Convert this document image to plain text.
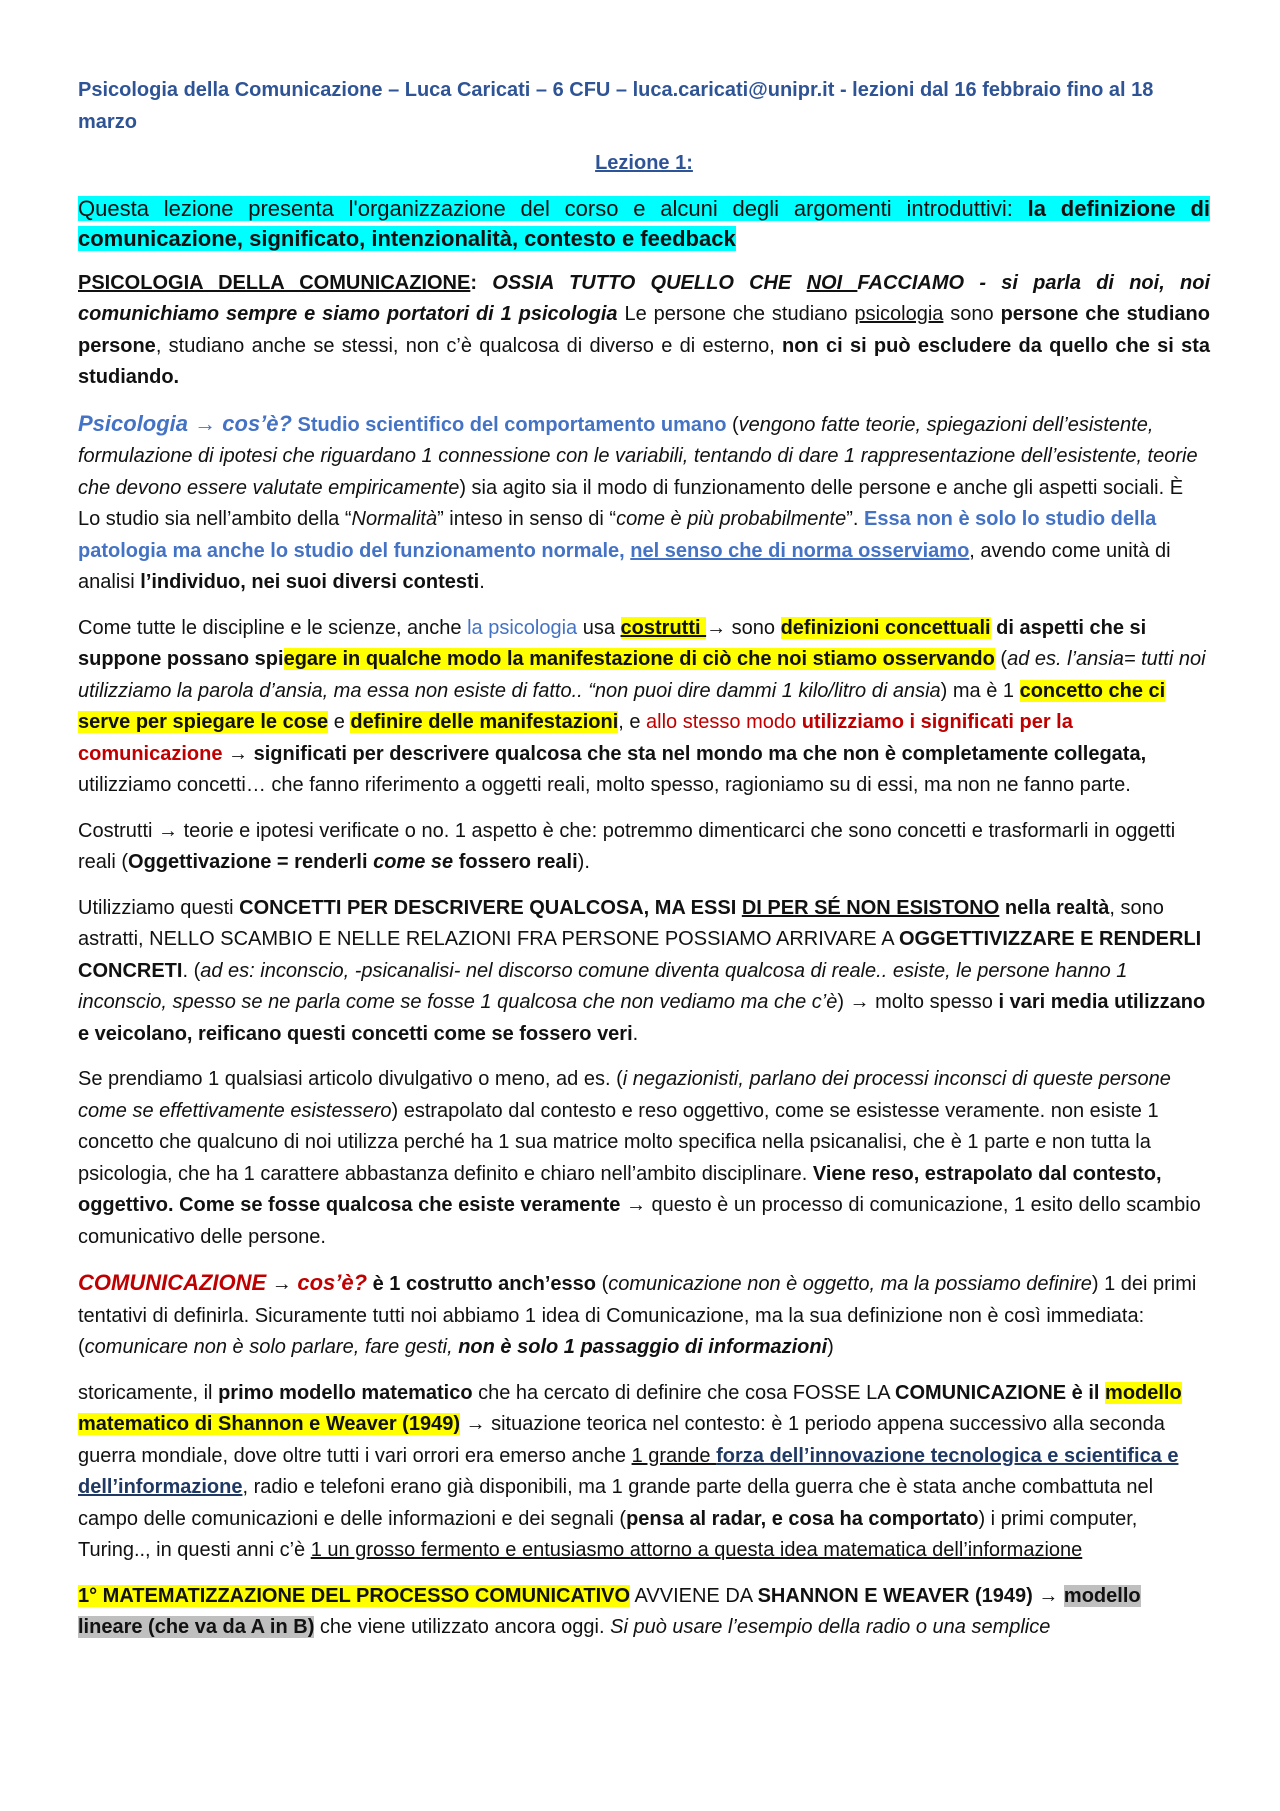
Psicologia della Comunicazione – Luca Caricati – 6 CFU – luca.caricati@unipr.it - lezioni dal 16 febbraio fino al 18 marzo

Lezione 1:

Questa lezione presenta l'organizzazione del corso e alcuni degli argomenti introduttivi: la definizione di comunicazione, significato, intenzionalità, contesto e feedback

PSICOLOGIA DELLA COMUNICAZIONE: OSSIA TUTTO QUELLO CHE NOI FACCIAMO - si parla di noi, noi comunichiamo sempre e siamo portatori di 1 psicologia Le persone che studiano psicologia sono persone che studiano persone, studiano anche se stessi, non c’è qualcosa di diverso e di esterno, non ci si può escludere da quello che si sta studiando.

Psicologia → cos’è? Studio scientifico del comportamento umano (vengono fatte teorie, spiegazioni dell’esistente, formulazione di ipotesi che riguardano 1 connessione con le variabili, tentando di dare 1 rappresentazione dell’esistente, teorie che devono essere valutate empiricamente) sia agito sia il modo di funzionamento delle persone e anche gli aspetti sociali. È Lo studio sia nell’ambito della “Normalità” inteso in senso di “come è più probabilmente”. Essa non è solo lo studio della patologia ma anche lo studio del funzionamento normale, nel senso che di norma osserviamo, avendo come unità di analisi l’individuo, nei suoi diversi contesti.

Come tutte le discipline e le scienze, anche la psicologia usa costrutti → sono definizioni concettuali di aspetti che si suppone possano spiegare in qualche modo la manifestazione di ciò che noi stiamo osservando (ad es. l’ansia= tutti noi utilizziamo la parola d’ansia, ma essa non esiste di fatto.. “non puoi dire dammi 1 kilo/litro di ansia) ma è 1 concetto che ci serve per spiegare le cose e definire delle manifestazioni, e allo stesso modo utilizziamo i significati per la comunicazione → significati per descrivere qualcosa che sta nel mondo ma che non è completamente collegata, utilizziamo concetti… che fanno riferimento a oggetti reali, molto spesso, ragioniamo su di essi, ma non ne fanno parte.

Costrutti → teorie e ipotesi verificate o no. 1 aspetto è che: potremmo dimenticarci che sono concetti e trasformarli in oggetti reali (Oggettivazione = renderli come se fossero reali).

Utilizziamo questi CONCETTI PER DESCRIVERE QUALCOSA, MA ESSI DI PER SÉ NON ESISTONO nella realtà, sono astratti, NELLO SCAMBIO E NELLE RELAZIONI FRA PERSONE POSSIAMO ARRIVARE A OGGETTIVIZZARE E RENDERLI CONCRETI. (ad es: inconscio, -psicanalisi- nel discorso comune diventa qualcosa di reale.. esiste, le persone hanno 1 inconscio, spesso se ne parla come se fosse 1 qualcosa che non vediamo ma che c’è) → molto spesso i vari media utilizzano e veicolano, reificano questi concetti come se fossero veri.

Se prendiamo 1 qualsiasi articolo divulgativo o meno, ad es. (i negazionisti, parlano dei processi inconsci di queste persone come se effettivamente esistessero) estrapolato dal contesto e reso oggettivo, come se esistesse veramente. non esiste 1 concetto che qualcuno di noi utilizza perché ha 1 sua matrice molto specifica nella psicanalisi, che è 1 parte e non tutta la psicologia, che ha 1 carattere abbastanza definito e chiaro nell’ambito disciplinare. Viene reso, estrapolato dal contesto, oggettivo. Come se fosse qualcosa che esiste veramente → questo è un processo di comunicazione, 1 esito dello scambio comunicativo delle persone.

COMUNICAZIONE → cos’è? è 1 costrutto anch’esso (comunicazione non è oggetto, ma la possiamo definire) 1 dei primi tentativi di definirla. Sicuramente tutti noi abbiamo 1 idea di Comunicazione, ma la sua definizione non è così immediata: (comunicare non è solo parlare, fare gesti, non è solo 1 passaggio di informazioni)

storicamente, il primo modello matematico che ha cercato di definire che cosa FOSSE LA COMUNICAZIONE è il modello matematico di Shannon e Weaver (1949) → situazione teorica nel contesto: è 1 periodo appena successivo alla seconda guerra mondiale, dove oltre tutti i vari orrori era emerso anche 1 grande forza dell’innovazione tecnologica e scientifica e dell’informazione, radio e telefoni erano già disponibili, ma 1 grande parte della guerra che è stata anche combattuta nel campo delle comunicazioni e delle informazioni e dei segnali (pensa al radar, e cosa ha comportato) i primi computer, Turing.., in questi anni c’è 1 un grosso fermento e entusiasmo attorno a questa idea matematica dell’informazione

1° MATEMATIZZAZIONE DEL PROCESSO COMUNICATIVO AVVIENE DA SHANNON E WEAVER (1949) → modello lineare (che va da A in B) che viene utilizzato ancora oggi. Si può usare l’esempio della radio o una semplice
